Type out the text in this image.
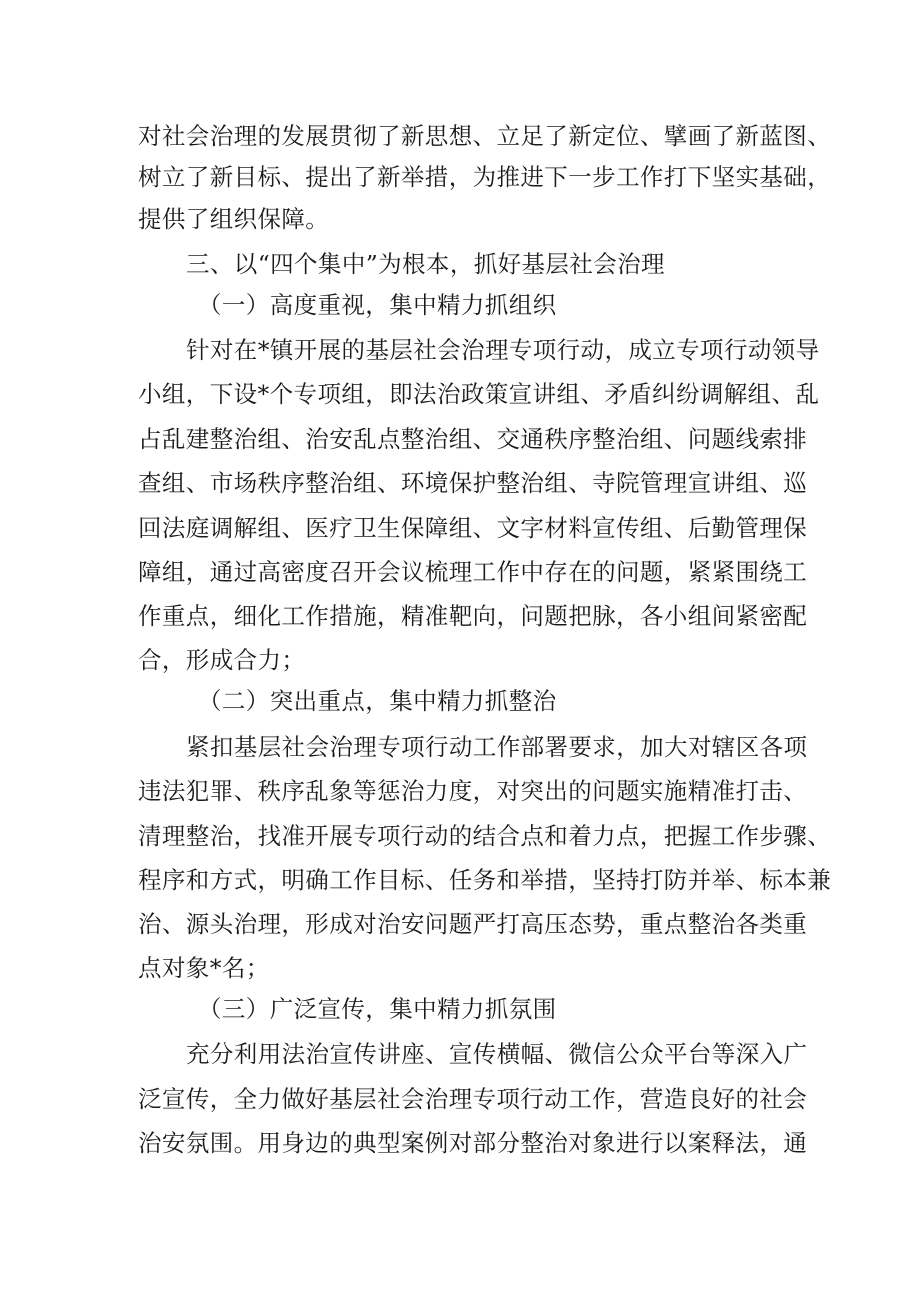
对社会治理的发展贯彻了新思想、立足了新定位、擘画了新蓝图、
树立了新目标、提出了新举措，为推进下一步工作打下坚实基础，
提供了组织保障。
三、以“四个集中”为根本，抓好基层社会治理
（一）高度重视，集中精力抓组织
针对在*镇开展的基层社会治理专项行动，成立专项行动领导
小组，下设*个专项组，即法治政策宣讲组、矛盾纠纷调解组、乱
占乱建整治组、治安乱点整治组、交通秩序整治组、问题线索排
查组、市场秩序整治组、环境保护整治组、寺院管理宣讲组、巡
回法庭调解组、医疗卫生保障组、文字材料宣传组、后勤管理保
障组，通过高密度召开会议梳理工作中存在的问题，紧紧围绕工
作重点，细化工作措施，精准靶向，问题把脉，各小组间紧密配
合，形成合力；
（二）突出重点，集中精力抓整治
紧扣基层社会治理专项行动工作部署要求，加大对辖区各项
违法犯罪、秩序乱象等惩治力度，对突出的问题实施精准打击、
清理整治，找准开展专项行动的结合点和着力点，把握工作步骤、
程序和方式，明确工作目标、任务和举措，坚持打防并举、标本兼
治、源头治理，形成对治安问题严打高压态势，重点整治各类重
点对象*名；
（三）广泛宣传，集中精力抓氛围
充分利用法治宣传讲座、宣传横幅、微信公众平台等深入广
泛宣传，全力做好基层社会治理专项行动工作，营造良好的社会
治安氛围。用身边的典型案例对部分整治对象进行以案释法，通
